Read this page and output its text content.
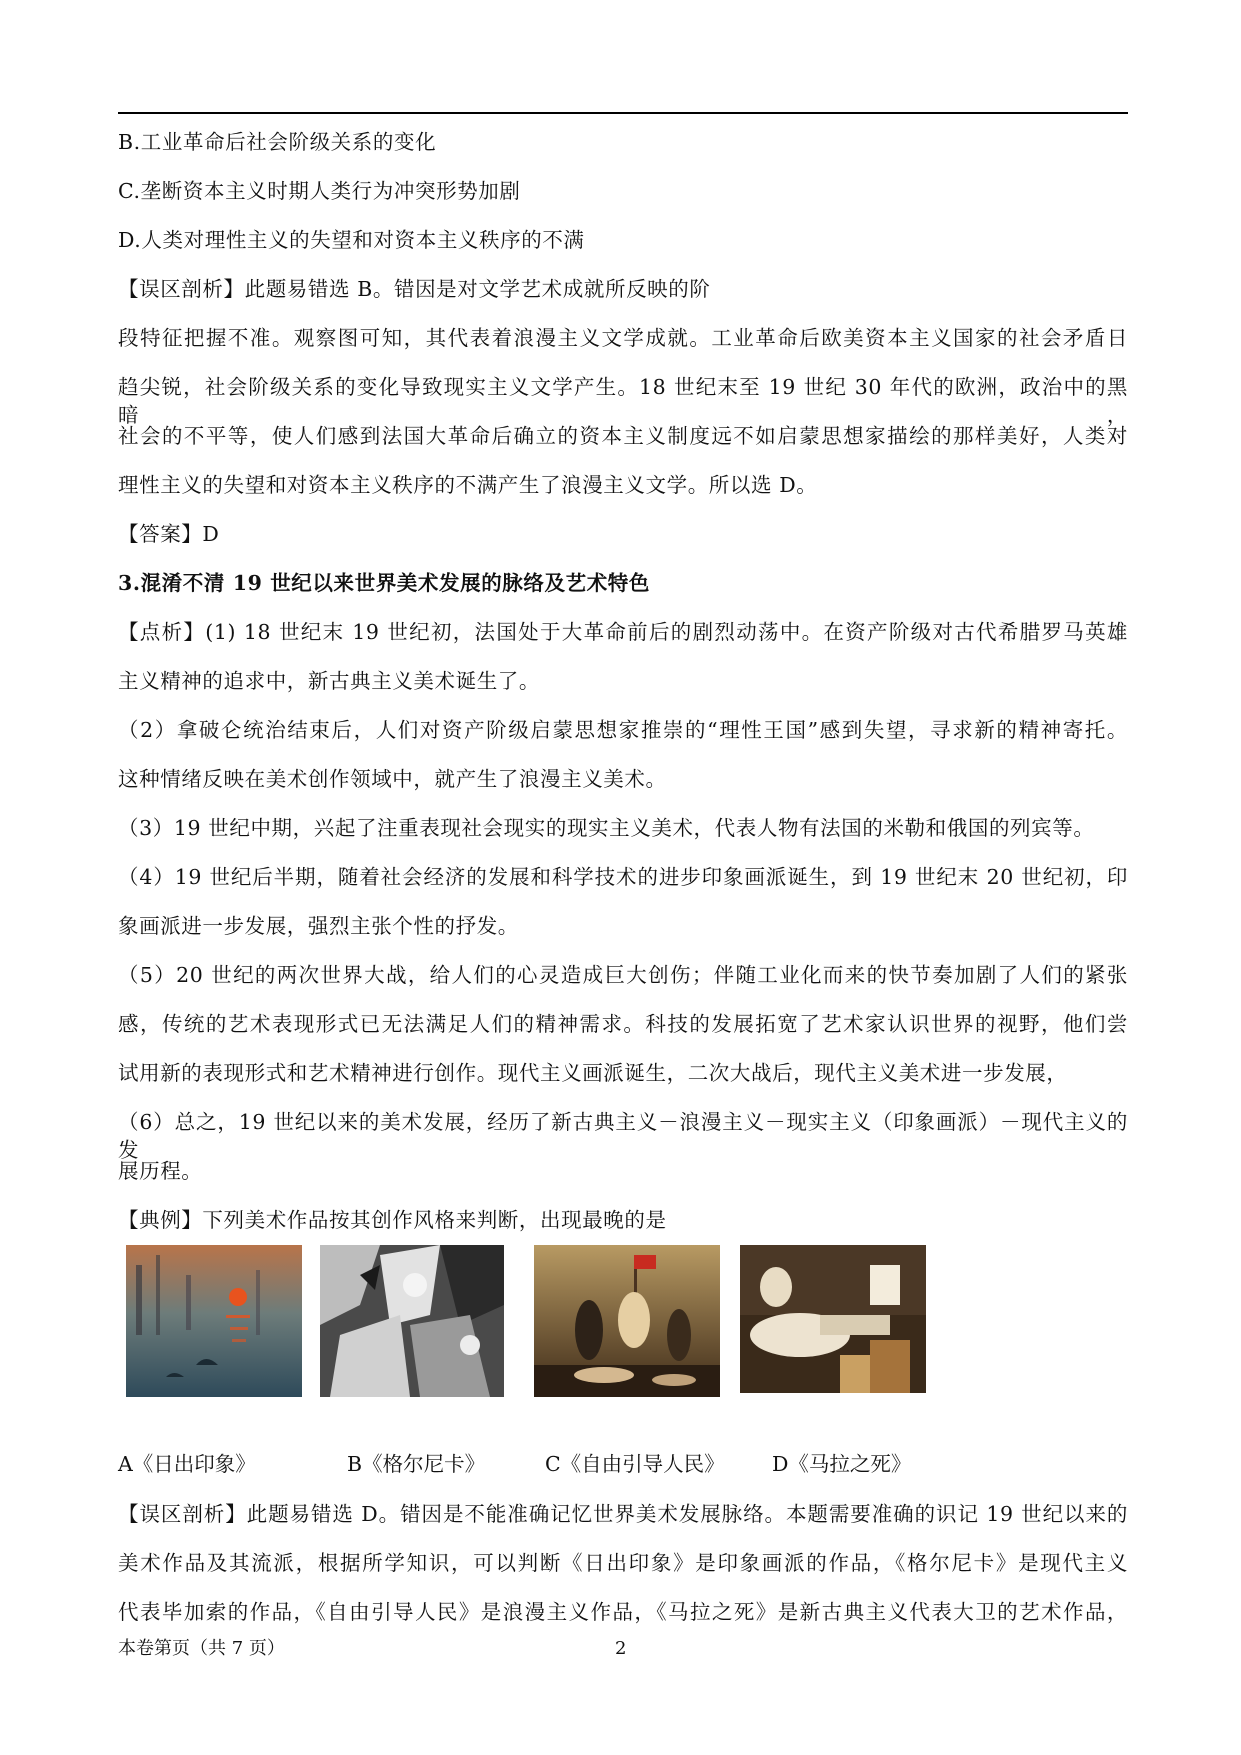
B.工业革命后社会阶级关系的变化
C.垄断资本主义时期人类行为冲突形势加剧
D.人类对理性主义的失望和对资本主义秩序的不满
【误区剖析】此题易错选 B。错因是对文学艺术成就所反映的阶
段特征把握不准。观察图可知，其代表着浪漫主义文学成就。工业革命后欧美资本主义国家的社会矛盾日
趋尖锐，社会阶级关系的变化导致现实主义文学产生。18 世纪末至 19 世纪 30 年代的欧洲，政治中的黑暗，
社会的不平等，使人们感到法国大革命后确立的资本主义制度远不如启蒙思想家描绘的那样美好，人类对
理性主义的失望和对资本主义秩序的不满产生了浪漫主义文学。所以选 D。
【答案】D
3.混淆不清 19 世纪以来世界美术发展的脉络及艺术特色
【点析】(1) 18 世纪末 19 世纪初，法国处于大革命前后的剧烈动荡中。在资产阶级对古代希腊罗马英雄
主义精神的追求中，新古典主义美术诞生了。
（2）拿破仑统治结束后，人们对资产阶级启蒙思想家推崇的“理性王国”感到失望，寻求新的精神寄托。
这种情绪反映在美术创作领域中，就产生了浪漫主义美术。
（3）19 世纪中期，兴起了注重表现社会现实的现实主义美术，代表人物有法国的米勒和俄国的列宾等。
（4）19 世纪后半期，随着社会经济的发展和科学技术的进步印象画派诞生，到 19 世纪末 20 世纪初，印
象画派进一步发展，强烈主张个性的抒发。
（5）20 世纪的两次世界大战，给人们的心灵造成巨大创伤；伴随工业化而来的快节奏加剧了人们的紧张
感，传统的艺术表现形式已无法满足人们的精神需求。科技的发展拓宽了艺术家认识世界的视野，他们尝
试用新的表现形式和艺术精神进行创作。现代主义画派诞生，二次大战后，现代主义美术进一步发展，
（6）总之，19 世纪以来的美术发展，经历了新古典主义－浪漫主义－现实主义（印象画派）－现代主义的发
展历程。
【典例】下列美术作品按其创作风格来判断，出现最晚的是
A《日出印象》	B《格尔尼卡》	C《自由引导人民》 D《马拉之死》
【误区剖析】此题易错选 D。错因是不能准确记忆世界美术发展脉络。本题需要准确的识记 19 世纪以来的
美术作品及其流派，根据所学知识，可以判断《日出印象》是印象画派的作品，《格尔尼卡》是现代主义
代表毕加索的作品，《自由引导人民》是浪漫主义作品，《马拉之死》是新古典主义代表大卫的艺术作品，
本卷第页（共 7 页）	2
